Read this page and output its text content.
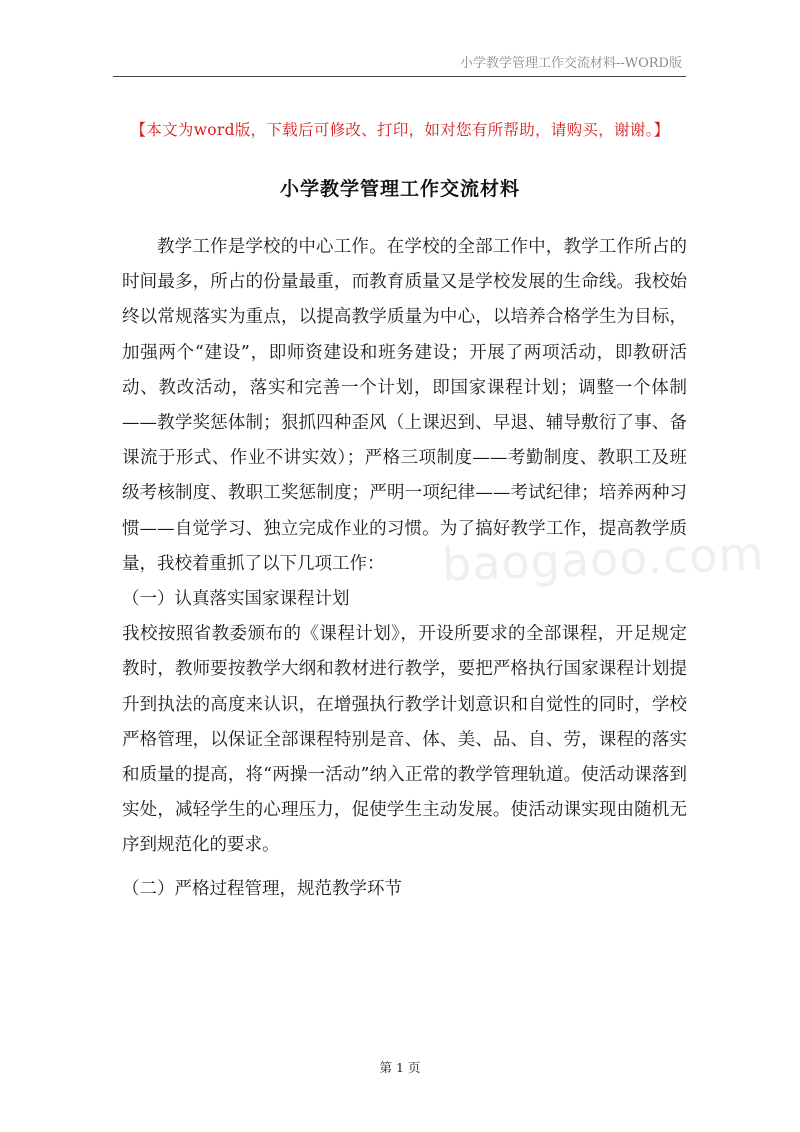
小学教学管理工作交流材料--WORD版
【本文为word版，下载后可修改、打印，如对您有所帮助，请购买，谢谢。】
小学教学管理工作交流材料

教学工作是学校的中心工作。在学校的全部工作中，教学工作所占的时间最多，所占的份量最重，而教育质量又是学校发展的生命线。我校始终以常规落实为重点，以提高教学质量为中心，以培养合格学生为目标，加强两个“建设”，即师资建设和班务建设；开展了两项活动，即教研活动、教改活动，落实和完善一个计划，即国家课程计划；调整一个体制——教学奖惩体制；狠抓四种歪风（上课迟到、早退、辅导敷衍了事、备课流于形式、作业不讲实效）；严格三项制度——考勤制度、教职工及班级考核制度、教职工奖惩制度；严明一项纪律——考试纪律；培养两种习惯——自觉学习、独立完成作业的习惯。为了搞好教学工作，提高教学质量，我校着重抓了以下几项工作：

（一）认真落实国家课程计划

我校按照省教委颁布的《课程计划》，开设所要求的全部课程，开足规定教时，教师要按教学大纲和教材进行教学，要把严格执行国家课程计划提升到执法的高度来认识，在增强执行教学计划意识和自觉性的同时，学校严格管理，以保证全部课程特别是音、体、美、品、自、劳，课程的落实和质量的提高，将“两操一活动”纳入正常的教学管理轨道。使活动课落到实处，减轻学生的心理压力，促使学生主动发展。使活动课实现由随机无序到规范化的要求。

（二）严格过程管理，规范教学环节

baogaoo.com
第 1 页
